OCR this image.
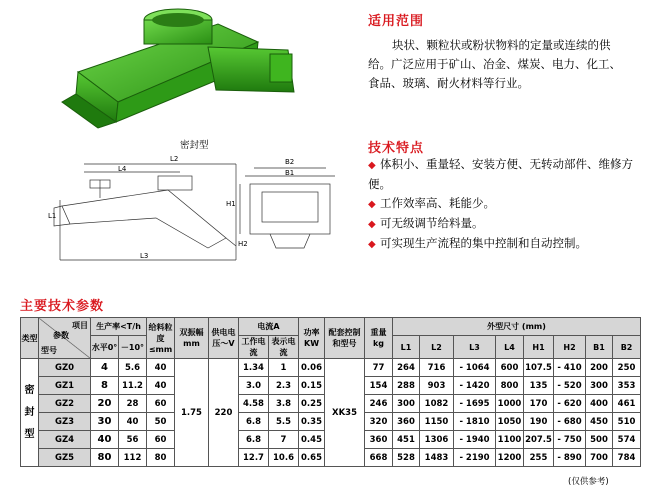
密封型
L2
L4
L1
L3
B2
B1
H1
H2
适用范围
块状、颗粒状或粉状物料的定量或连续的供给。广泛应用于矿山、冶金、煤炭、电力、化工、食品、玻璃、耐火材料等行业。
技术特点
◆ 体积小、重量轻、安装方便、无转动部件、维修方便。
◆ 工作效率高、耗能少。
◆ 可无级调节给料量。
◆ 可实现生产流程的集中控制和自动控制。
主要技术参数
类型	项目
参数
型号	生产率<T/h		给料粒度≤mm	双振幅mm	供电电压～V	电流A		功率KW	配套控制和型号	重量kg	外型尺寸 (mm)							
		水平0°	－10°				工作电流	表示电流				L1	L2	L3	L4	H1	H2	B1	B2
密
封
型	GZ0	4	5.6	40	1.75	220	1.34	1	0.06	XK35	77	264	716	- 1064	600	107.5	- 410	200	250
	GZ1	8	11.2	40			3.0	2.3	0.15		154	288	903	- 1420	800	135	- 520	300	353
	GZ2	20	28	60			4.58	3.8	0.25		246	300	1082	- 1695	1000	170	- 620	400	461
	GZ3	30	40	50			6.8	5.5	0.35		320	360	1150	- 1810	1050	190	- 680	450	510
	GZ4	40	56	60			6.8	7	0.45		360	451	1306	- 1940	1100	207.5	- 750	500	574
	GZ5	80	112	80			12.7	10.6	0.65		668	528	1483	- 2190	1200	255	- 890	700	784
(仅供参考)
